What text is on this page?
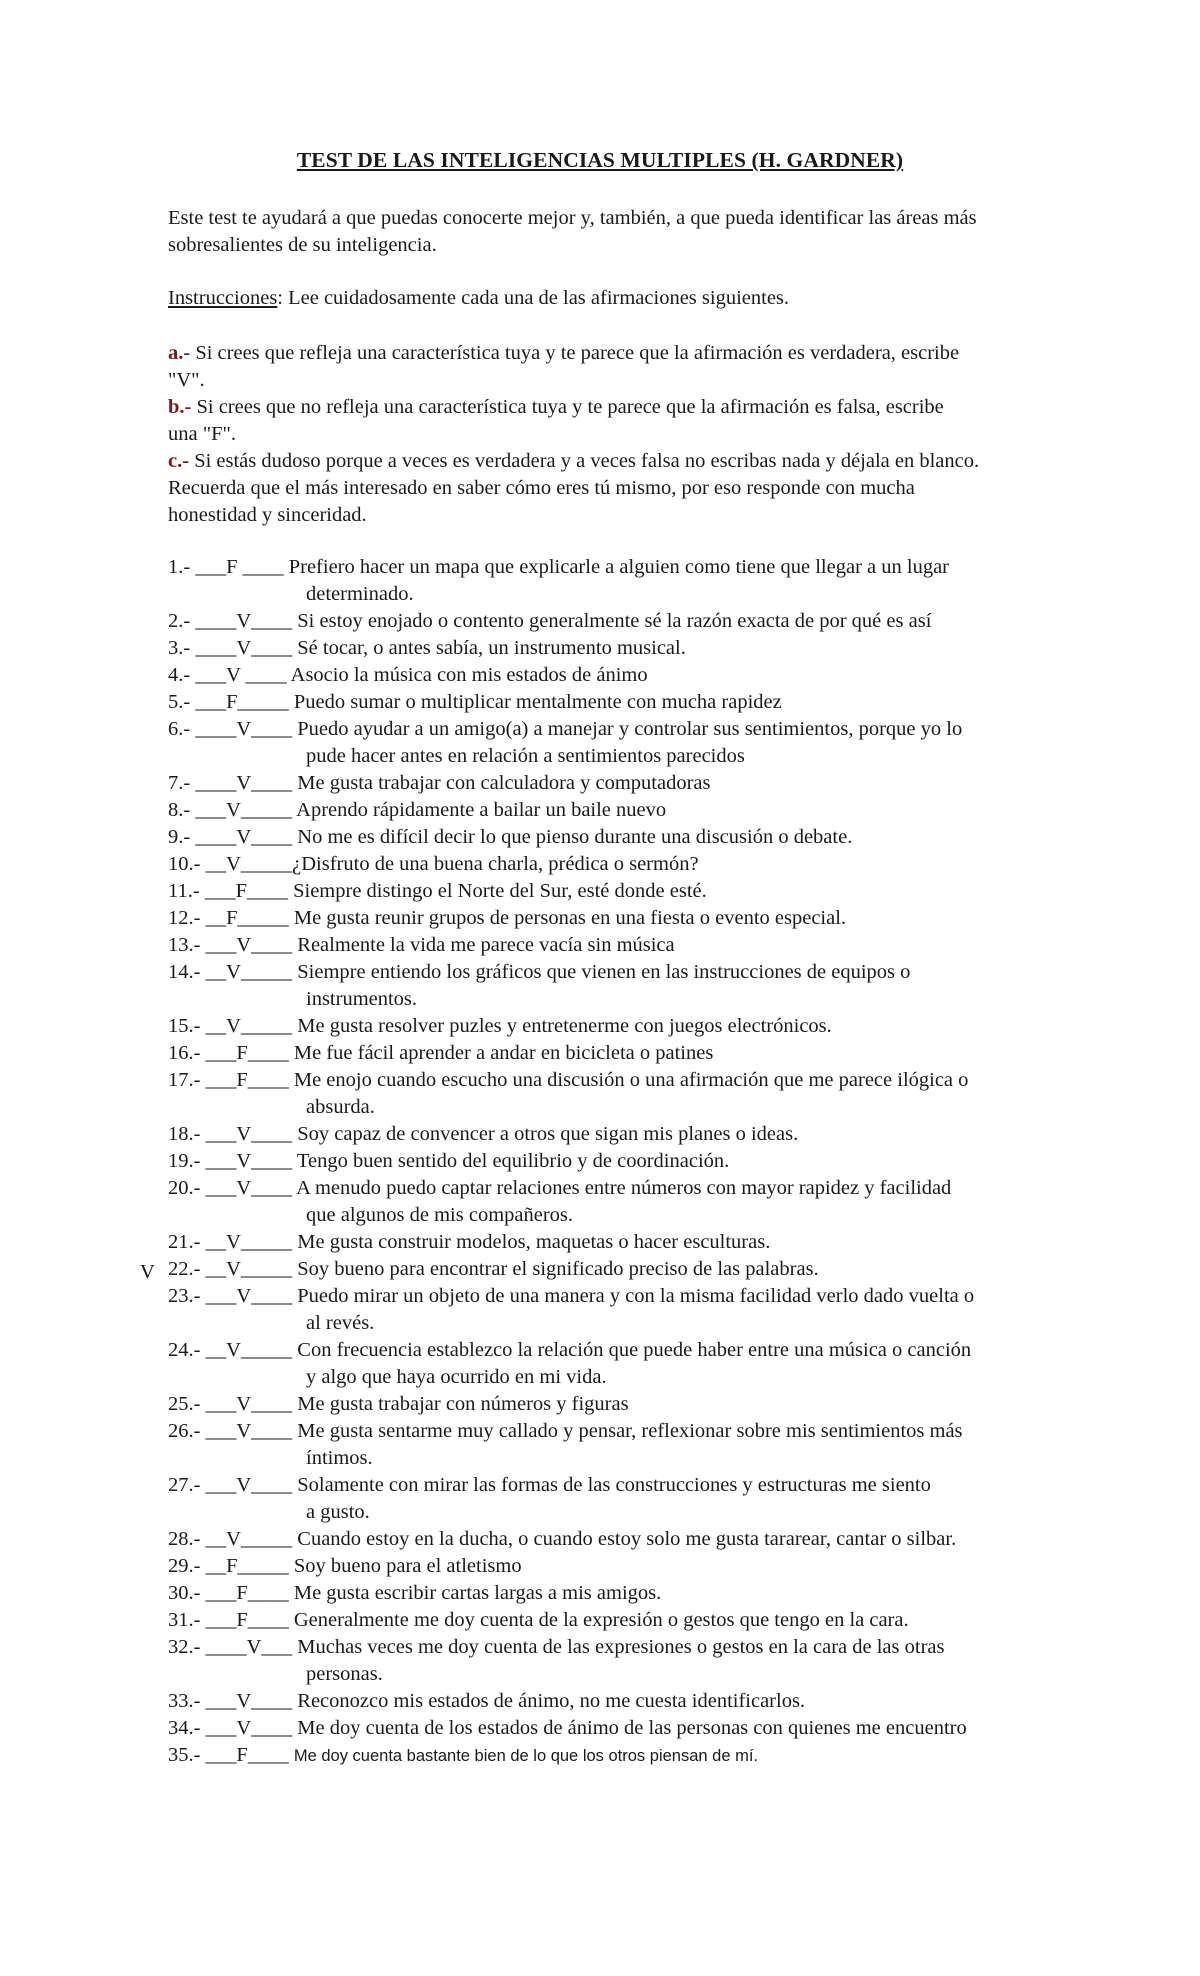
TEST DE LAS INTELIGENCIAS MULTIPLES (H. GARDNER)
Este test te ayudará a que puedas conocerte mejor y, también, a que pueda identificar las áreas más
sobresalientes de su inteligencia.
Instrucciones: Lee cuidadosamente cada una de las afirmaciones siguientes.
a.- Si crees que refleja una característica tuya y te parece que la afirmación es verdadera, escribe
"V".
b.- Si crees que no refleja una característica tuya y te parece que la afirmación es falsa, escribe
una "F".
c.- Si estás dudoso porque a veces es verdadera y a veces falsa no escribas nada y déjala en blanco.
Recuerda que el más interesado en saber cómo eres tú mismo, por eso responde con mucha
honestidad y sinceridad.
V
1.- ___F ____ Prefiero hacer un mapa que explicarle a alguien como tiene que llegar a un lugar
determinado.
2.- ____V____ Si estoy enojado o contento generalmente sé la razón exacta de por qué es así
3.- ____V____ Sé tocar, o antes sabía, un instrumento musical.
4.- ___V ____ Asocio la música con mis estados de ánimo
5.- ___F_____ Puedo sumar o multiplicar mentalmente con mucha rapidez
6.- ____V____ Puedo ayudar a un amigo(a) a manejar y controlar sus sentimientos, porque yo lo
pude hacer antes en relación a sentimientos parecidos
7.- ____V____ Me gusta trabajar con calculadora y computadoras
8.- ___V_____ Aprendo rápidamente a bailar un baile nuevo
9.- ____V____ No me es difícil decir lo que pienso durante una discusión o debate.
10.- __V_____¿Disfruto de una buena charla, prédica o sermón?
11.- ___F____ Siempre distingo el Norte del Sur, esté donde esté.
12.- __F_____ Me gusta reunir grupos de personas en una fiesta o evento especial.
13.- ___V____ Realmente la vida me parece vacía sin música
14.- __V_____ Siempre entiendo los gráficos que vienen en las instrucciones de equipos o
instrumentos.
15.- __V_____ Me gusta resolver puzles y entretenerme con juegos electrónicos.
16.- ___F____ Me fue fácil aprender a andar en bicicleta o patines
17.- ___F____ Me enojo cuando escucho una discusión o una afirmación que me parece ilógica o
absurda.
18.- ___V____ Soy capaz de convencer a otros que sigan mis planes o ideas.
19.- ___V____ Tengo buen sentido del equilibrio y de coordinación.
20.- ___V____ A menudo puedo captar relaciones entre números con mayor rapidez y facilidad
que algunos de mis compañeros.
21.- __V_____ Me gusta construir modelos, maquetas o hacer esculturas.
22.- __V_____ Soy bueno para encontrar el significado preciso de las palabras.
23.- ___V____ Puedo mirar un objeto de una manera y con la misma facilidad verlo dado vuelta o
al revés.
24.- __V_____ Con frecuencia establezco la relación que puede haber entre una música o canción
y algo que haya ocurrido en mi vida.
25.- ___V____ Me gusta trabajar con números y figuras
26.- ___V____ Me gusta sentarme muy callado y pensar, reflexionar sobre mis sentimientos más
íntimos.
27.- ___V____ Solamente con mirar las formas de las construcciones y estructuras me siento
a gusto.
28.- __V_____ Cuando estoy en la ducha, o cuando estoy solo me gusta tararear, cantar o silbar.
29.- __F_____ Soy bueno para el atletismo
30.- ___F____ Me gusta escribir cartas largas a mis amigos.
31.- ___F____ Generalmente me doy cuenta de la expresión o gestos que tengo en la cara.
32.- ____V___ Muchas veces me doy cuenta de las expresiones o gestos en la cara de las otras
personas.
33.- ___V____ Reconozco mis estados de ánimo, no me cuesta identificarlos.
34.- ___V____ Me doy cuenta de los estados de ánimo de las personas con quienes me encuentro
35.- ___F____ Me doy cuenta bastante bien de lo que los otros piensan de mí.
